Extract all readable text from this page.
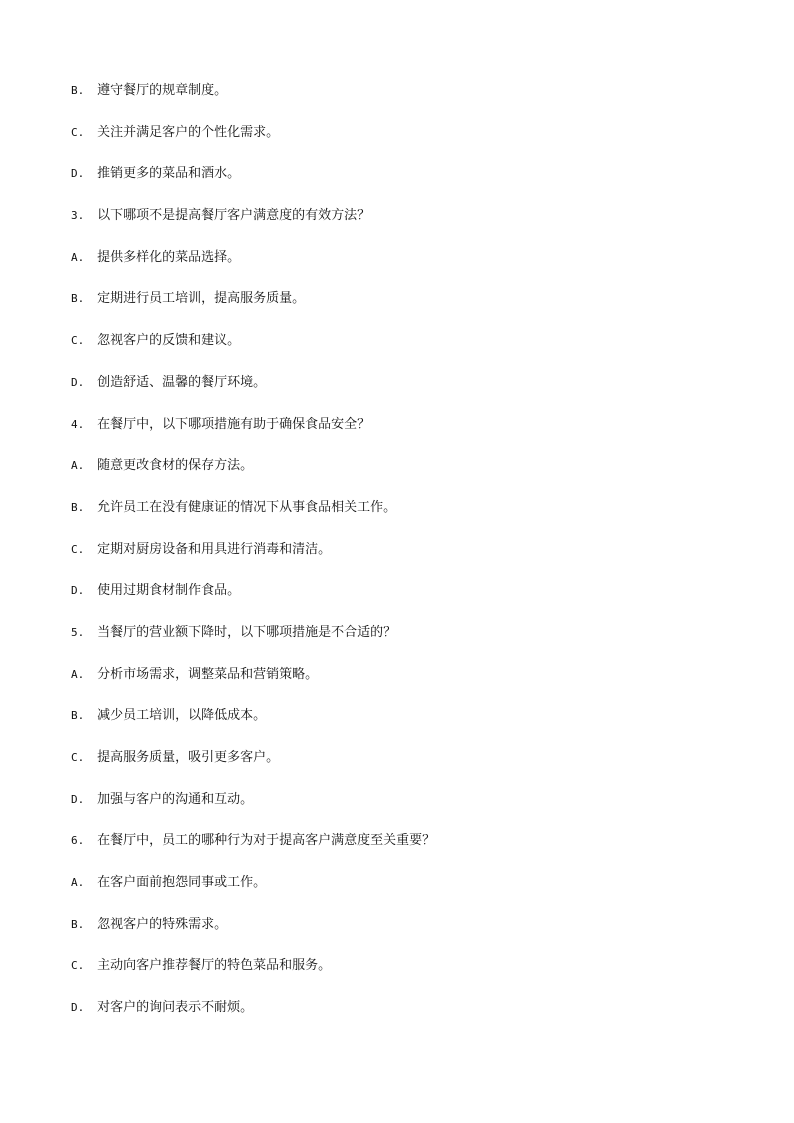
B. 遵守餐厅的规章制度。
C. 关注并满足客户的个性化需求。
D. 推销更多的菜品和酒水。
3. 以下哪项不是提高餐厅客户满意度的有效方法？
A. 提供多样化的菜品选择。
B. 定期进行员工培训，提高服务质量。
C. 忽视客户的反馈和建议。
D. 创造舒适、温馨的餐厅环境。
4. 在餐厅中，以下哪项措施有助于确保食品安全？
A. 随意更改食材的保存方法。
B. 允许员工在没有健康证的情况下从事食品相关工作。
C. 定期对厨房设备和用具进行消毒和清洁。
D. 使用过期食材制作食品。
5. 当餐厅的营业额下降时，以下哪项措施是不合适的？
A. 分析市场需求，调整菜品和营销策略。
B. 减少员工培训，以降低成本。
C. 提高服务质量，吸引更多客户。
D. 加强与客户的沟通和互动。
6. 在餐厅中，员工的哪种行为对于提高客户满意度至关重要？
A. 在客户面前抱怨同事或工作。
B. 忽视客户的特殊需求。
C. 主动向客户推荐餐厅的特色菜品和服务。
D. 对客户的询问表示不耐烦。
